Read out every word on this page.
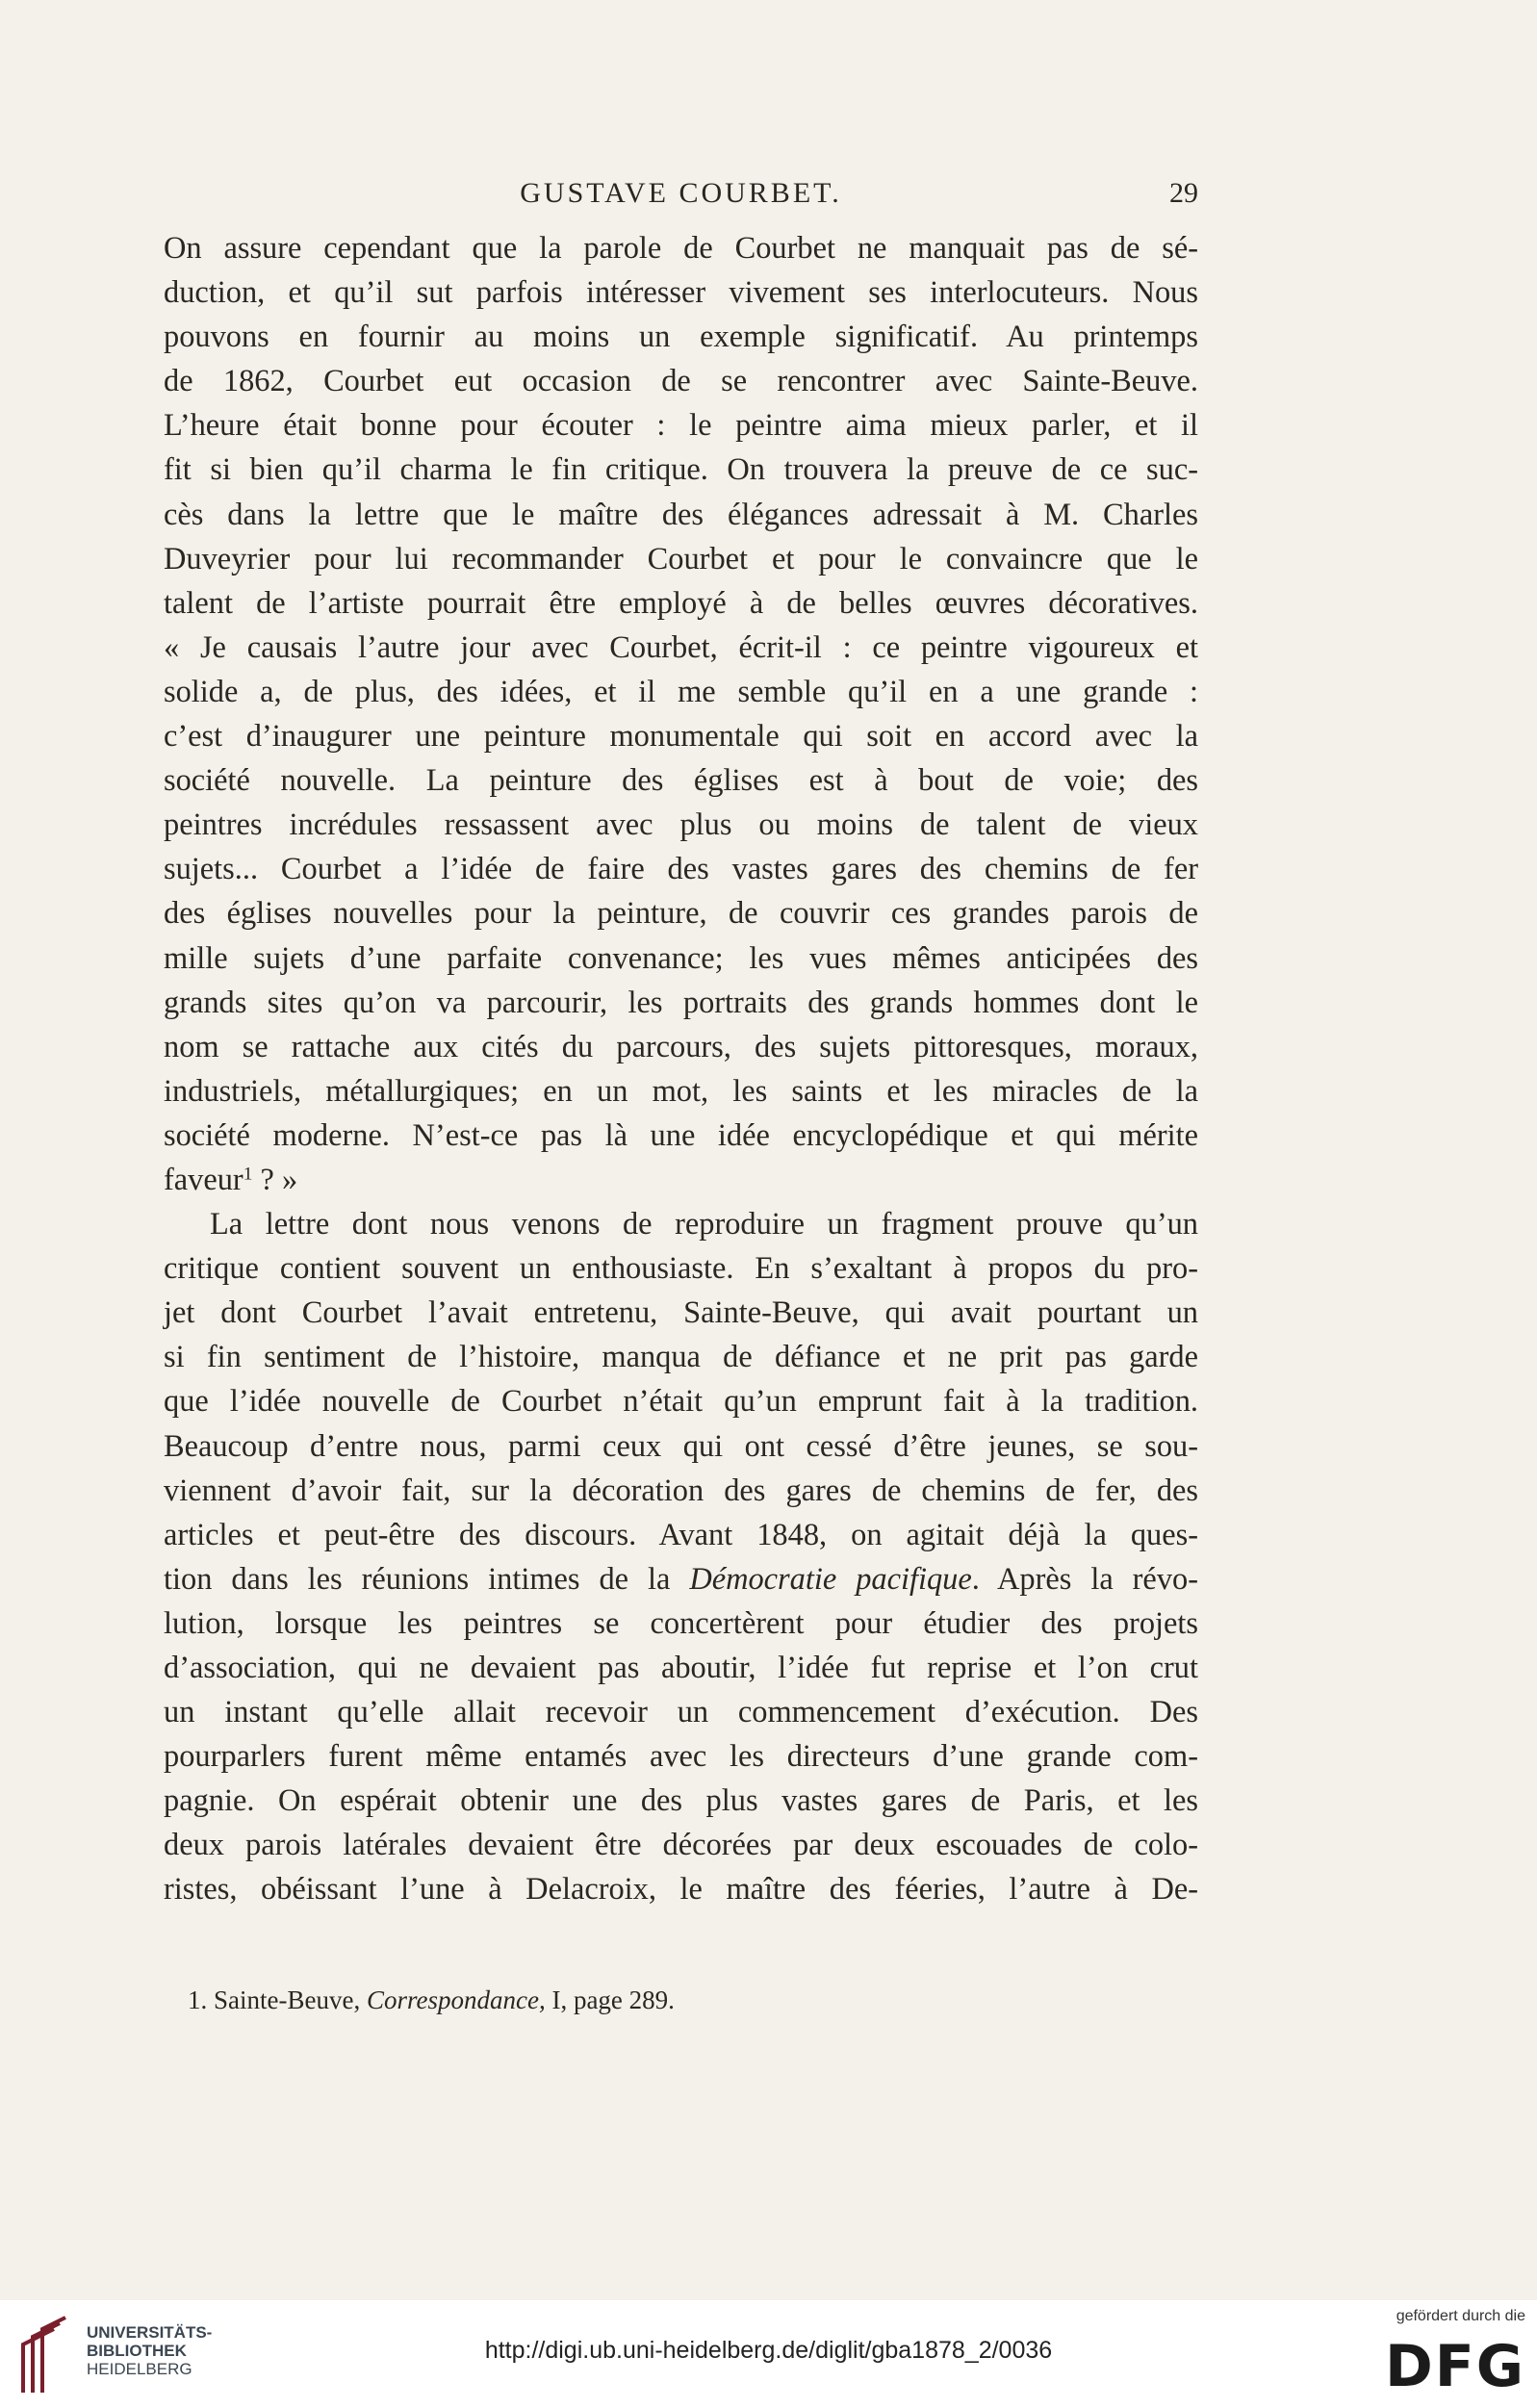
GUSTAVE COURBET.	29
On assure cependant que la parole de Courbet ne manquait pas de sé-
duction, et qu’il sut parfois intéresser vivement ses interlocuteurs. Nous
pouvons en fournir au moins un exemple significatif. Au printemps
de 1862, Courbet eut occasion de se rencontrer avec Sainte-Beuve.
L’heure était bonne pour écouter : le peintre aima mieux parler, et il
fit si bien qu’il charma le fin critique. On trouvera la preuve de ce suc-
cès dans la lettre que le maître des élégances adressait à M. Charles
Duveyrier pour lui recommander Courbet et pour le convaincre que le
talent de l’artiste pourrait être employé à de belles œuvres décoratives.
« Je causais l’autre jour avec Courbet, écrit-il : ce peintre vigoureux et
solide a, de plus, des idées, et il me semble qu’il en a une grande :
c’est d’inaugurer une peinture monumentale qui soit en accord avec la
société nouvelle. La peinture des églises est à bout de voie; des
peintres incrédules ressassent avec plus ou moins de talent de vieux
sujets... Courbet a l’idée de faire des vastes gares des chemins de fer
des églises nouvelles pour la peinture, de couvrir ces grandes parois de
mille sujets d’une parfaite convenance; les vues mêmes anticipées des
grands sites qu’on va parcourir, les portraits des grands hommes dont le
nom se rattache aux cités du parcours, des sujets pittoresques, moraux,
industriels, métallurgiques; en un mot, les saints et les miracles de la
société moderne. N’est-ce pas là une idée encyclopédique et qui mérite
faveur$^1$ ? »
La lettre dont nous venons de reproduire un fragment prouve qu’un
critique contient souvent un enthousiaste. En s’exaltant à propos du pro-
jet dont Courbet l’avait entretenu, Sainte-Beuve, qui avait pourtant un
si fin sentiment de l’histoire, manqua de défiance et ne prit pas garde
que l’idée nouvelle de Courbet n’était qu’un emprunt fait à la tradition.
Beaucoup d’entre nous, parmi ceux qui ont cessé d’être jeunes, se sou-
viennent d’avoir fait, sur la décoration des gares de chemins de fer, des
articles et peut-être des discours. Avant 1848, on agitait déjà la ques-
tion dans les réunions intimes de la Démocratie pacifique. Après la révo-
lution, lorsque les peintres se concertèrent pour étudier des projets
d’association, qui ne devaient pas aboutir, l’idée fut reprise et l’on crut
un instant qu’elle allait recevoir un commencement d’exécution. Des
pourparlers furent même entamés avec les directeurs d’une grande com-
pagnie. On espérait obtenir une des plus vastes gares de Paris, et les
deux parois latérales devaient être décorées par deux escouades de colo-
ristes, obéissant l’une à Delacroix, le maître des féeries, l’autre à De-
1. Sainte-Beuve, Correspondance, I, page 289.
UNIVERSITÄTS-
BIBLIOTHEK
HEIDELBERG
http://digi.ub.uni-heidelberg.de/diglit/gba1878_2/0036
gefördert durch die
DFG
